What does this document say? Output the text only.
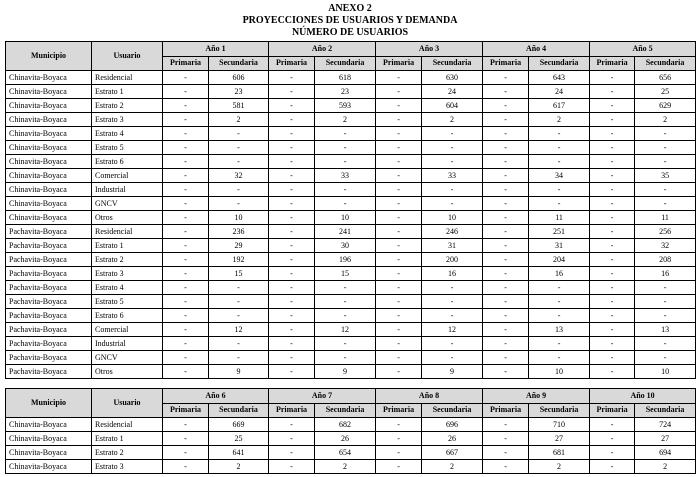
ANEXO 2
PROYECCIONES DE USUARIOS Y DEMANDA
NÚMERO DE USUARIOS
Municipio	Usuario	Año 1		Año 2		Año 3		Año 4		Año 5	
		Primaria	Secundaria	Primaria	Secundaria	Primaria	Secundaria	Primaria	Secundaria	Primaria	Secundaria
Chinavita-Boyaca	Residencial	-	606	-	618	-	630	-	643	-	656
Chinavita-Boyaca	Estrato 1	-	23	-	23	-	24	-	24	-	25
Chinavita-Boyaca	Estrato 2	-	581	-	593	-	604	-	617	-	629
Chinavita-Boyaca	Estrato 3	-	2	-	2	-	2	-	2	-	2
Chinavita-Boyaca	Estrato 4	-	-	-	-	-	-	-	-	-	-
Chinavita-Boyaca	Estrato 5	-	-	-	-	-	-	-	-	-	-
Chinavita-Boyaca	Estrato 6	-	-	-	-	-	-	-	-	-	-
Chinavita-Boyaca	Comercial	-	32	-	33	-	33	-	34	-	35
Chinavita-Boyaca	Industrial	-	-	-	-	-	-	-	-	-	-
Chinavita-Boyaca	GNCV	-	-	-	-	-	-	-	-	-	-
Chinavita-Boyaca	Otros	-	10	-	10	-	10	-	11	-	11
Pachavita-Boyaca	Residencial	-	236	-	241	-	246	-	251	-	256
Pachavita-Boyaca	Estrato 1	-	29	-	30	-	31	-	31	-	32
Pachavita-Boyaca	Estrato 2	-	192	-	196	-	200	-	204	-	208
Pachavita-Boyaca	Estrato 3	-	15	-	15	-	16	-	16	-	16
Pachavita-Boyaca	Estrato 4	-	-	-	-	-	-	-	-	-	-
Pachavita-Boyaca	Estrato 5	-	-	-	-	-	-	-	-	-	-
Pachavita-Boyaca	Estrato 6	-	-	-	-	-	-	-	-	-	-
Pachavita-Boyaca	Comercial	-	12	-	12	-	12	-	13	-	13
Pachavita-Boyaca	Industrial	-	-	-	-	-	-	-	-	-	-
Pachavita-Boyaca	GNCV	-	-	-	-	-	-	-	-	-	-
Pachavita-Boyaca	Otros	-	9	-	9	-	9	-	10	-	10
Municipio	Usuario	Año 6		Año 7		Año 8		Año 9		Año 10	
		Primaria	Secundaria	Primaria	Secundaria	Primaria	Secundaria	Primaria	Secundaria	Primaria	Secundaria
Chinavita-Boyaca	Residencial	-	669	-	682	-	696	-	710	-	724
Chinavita-Boyaca	Estrato 1	-	25	-	26	-	26	-	27	-	27
Chinavita-Boyaca	Estrato 2	-	641	-	654	-	667	-	681	-	694
Chinavita-Boyaca	Estrato 3	-	2	-	2	-	2	-	2	-	2
